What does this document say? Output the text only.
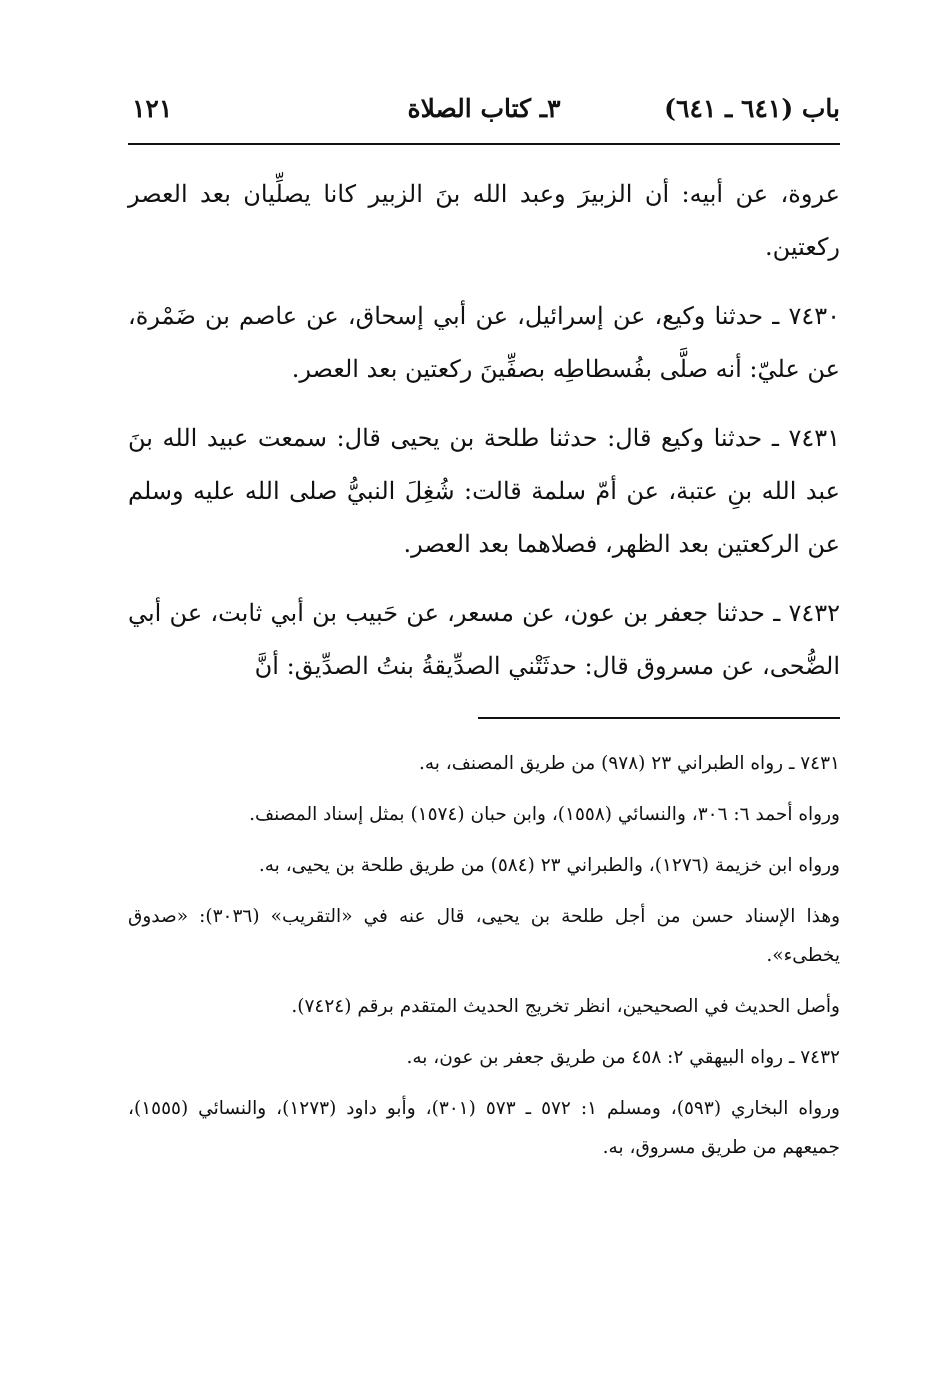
باب (٦٤١ ـ ٦٤١)
٣ـ كتاب الصلاة
١٢١

عروة، عن أبيه: أن الزبيرَ وعبد الله بنَ الزبير كانا يصلِّيان بعد العصر ركعتين.

٧٤٣٠ ـ حدثنا وكيع، عن إسرائيل، عن أبي إسحاق، عن عاصم بن ضَمْرة، عن عليّ: أنه صلَّى بفُسطاطِه بصفِّينَ ركعتين بعد العصر.

٧٤٣١ ـ حدثنا وكيع قال: حدثنا طلحة بن يحيى قال: سمعت عبيد الله بنَ عبد الله بنِ عتبة، عن أمّ سلمة قالت: شُغِلَ النبيُّ صلى الله عليه وسلم عن الركعتين بعد الظهر، فصلاهما بعد العصر.

٧٤٣٢ ـ حدثنا جعفر بن عون، عن مسعر، عن حَبيب بن أبي ثابت، عن أبي الضُّحى، عن مسروق قال: حدثَتْني الصدِّيقةُ بنتُ الصدِّيق: أنَّ

٧٤٣١ ـ رواه الطبراني ٢٣ (٩٧٨) من طريق المصنف، به.

ورواه أحمد ٦: ٣٠٦، والنسائي (١٥٥٨)، وابن حبان (١٥٧٤) بمثل إسناد المصنف.

ورواه ابن خزيمة (١٢٧٦)، والطبراني ٢٣ (٥٨٤) من طريق طلحة بن يحيى، به.

وهذا الإسناد حسن من أجل طلحة بن يحيى، قال عنه في «التقريب» (٣٠٣٦): «صدوق يخطىء».

وأصل الحديث في الصحيحين، انظر تخريج الحديث المتقدم برقم (٧٤٢٤).

٧٤٣٢ ـ رواه البيهقي ٢: ٤٥٨ من طريق جعفر بن عون، به.

ورواه البخاري (٥٩٣)، ومسلم ١: ٥٧٢ ـ ٥٧٣ (٣٠١)، وأبو داود (١٢٧٣)، والنسائي (١٥٥٥)، جميعهم من طريق مسروق، به.
